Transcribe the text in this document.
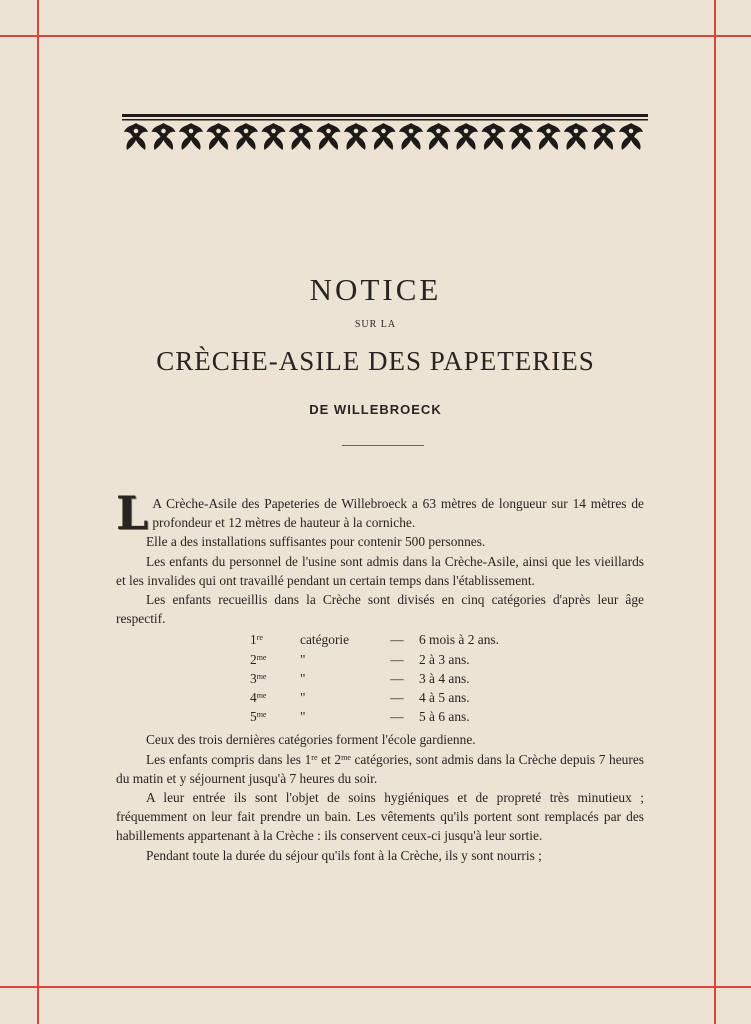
NOTICE
SUR LA
CRÈCHE-ASILE DES PAPETERIES
DE WILLEBROECK

L A Crèche-Asile des Papeteries de Willebroeck a 63 mètres de longueur sur 14 mètres de profondeur et 12 mètres de hauteur à la corniche.

Elle a des installations suffisantes pour contenir 500 personnes.

Les enfants du personnel de l'usine sont admis dans la Crèche-Asile, ainsi que les vieillards et les invalides qui ont travaillé pendant un certain temps dans l'établissement.

Les enfants recueillis dans la Crèche sont divisés en cinq catégories d'après leur âge respectif.

1re	catégorie	—	6 mois à 2 ans.
$2^{me}$	"	—	2 à 3 ans.
$3^{me}$	"	—	3 à 4 ans.
$4^{me}$	"	—	4 à 5 ans.
$5^{me}$	"	—	5 à 6 ans.

Ceux des trois dernières catégories forment l'école gardienne.

Les enfants compris dans les 1re et $2^{me}$ catégories, sont admis dans la Crèche depuis 7 heures du matin et y séjournent jusqu'à 7 heures du soir.

A leur entrée ils sont l'objet de soins hygiéniques et de propreté très minutieux ; fréquemment on leur fait prendre un bain. Les vêtements qu'ils portent sont remplacés par des habillements appartenant à la Crèche : ils conservent ceux-ci jusqu'à leur sortie.

Pendant toute la durée du séjour qu'ils font à la Crèche, ils y sont nourris ;
